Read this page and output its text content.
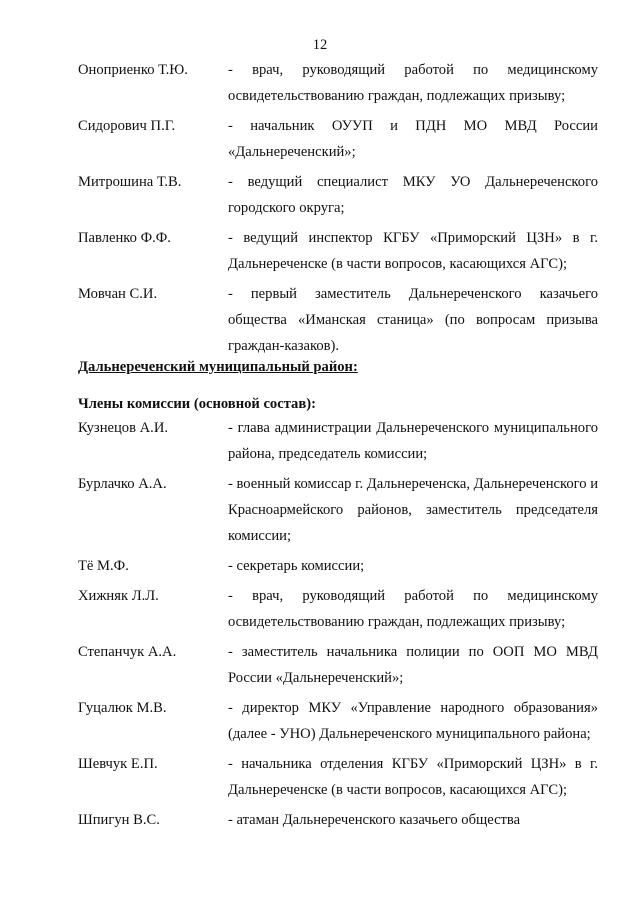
12
Оноприенко Т.Ю.	- врач, руководящий работой по медицинскому освидетельствованию граждан, подлежащих призыву;
Сидорович П.Г.	- начальник ОУУП и ПДН МО МВД России «Дальнереченский»;
Митрошина Т.В.	- ведущий специалист МКУ УО Дальнереченского городского округа;
Павленко Ф.Ф.	- ведущий инспектор КГБУ «Приморский ЦЗН» в г. Дальнереченске (в части вопросов, касающихся АГС);
Мовчан С.И.	- первый заместитель Дальнереченского казачьего общества «Иманская станица» (по вопросам призыва граждан-казаков).
Дальнереченский муниципальный район:
Члены комиссии (основной состав):
Кузнецов А.И.	- глава администрации Дальнереченского муниципального района, председатель комиссии;
Бурлачко А.А.	- военный комиссар г. Дальнереченска, Дальнереченского и Красноармейского районов, заместитель председателя комиссии;
Тё М.Ф.	- секретарь комиссии;
Хижняк Л.Л.	- врач, руководящий работой по медицинскому освидетельствованию граждан, подлежащих призыву;
Степанчук А.А.	- заместитель начальника полиции по ООП МО МВД России «Дальнереченский»;
Гуцалюк М.В.	- директор МКУ «Управление народного образования» (далее - УНО) Дальнереченского муниципального района;
Шевчук Е.П.	- начальника отделения КГБУ «Приморский ЦЗН» в г. Дальнереченске (в части вопросов, касающихся АГС);
Шпигун В.С.	- атаман Дальнереченского казачьего общества
